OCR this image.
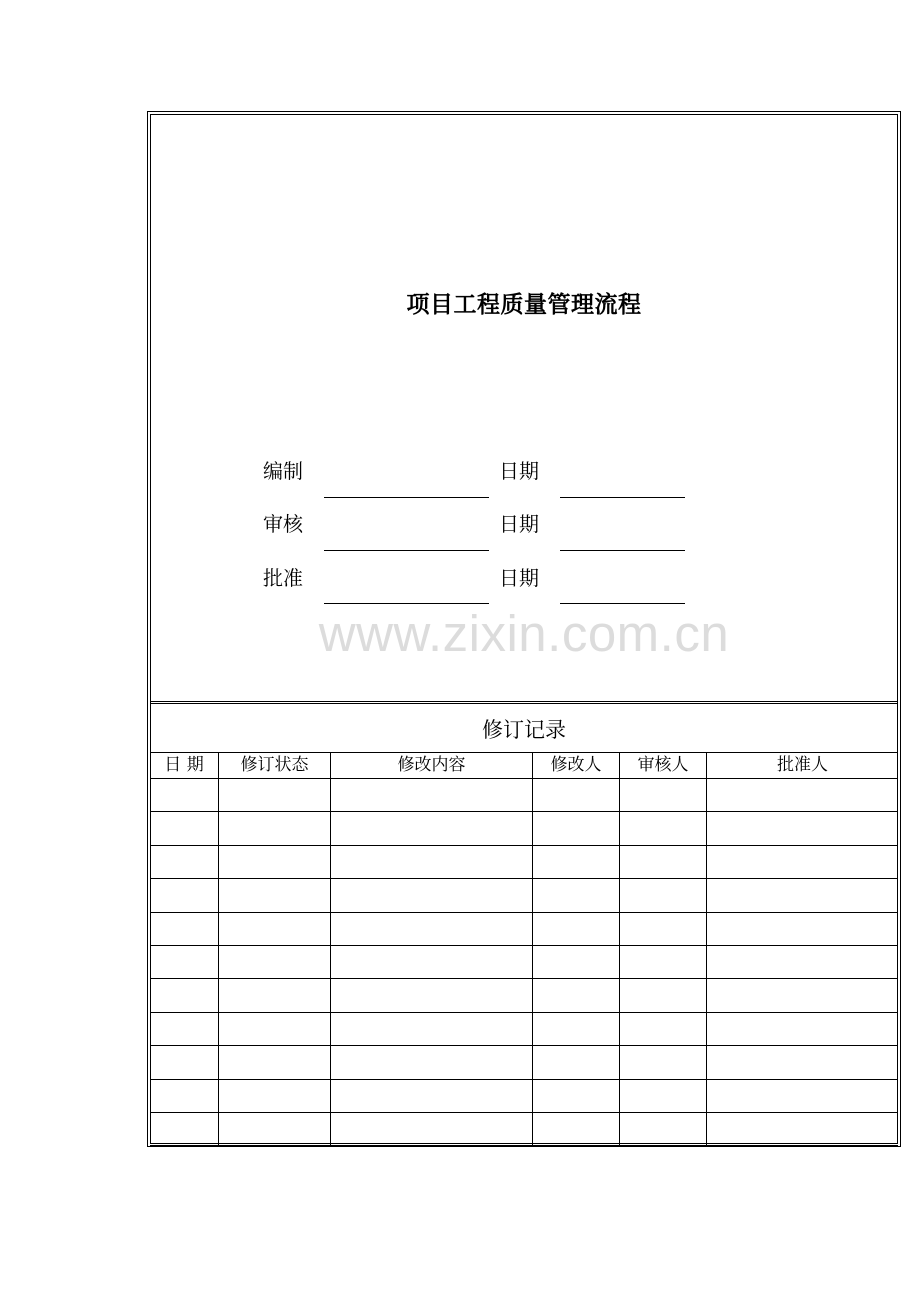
项目工程质量管理流程
编制	日期
审核	日期
批准	日期
www.zixin.com.cn
修订记录
日 期	修订状态	修改内容	修改人	审核人	批准人
